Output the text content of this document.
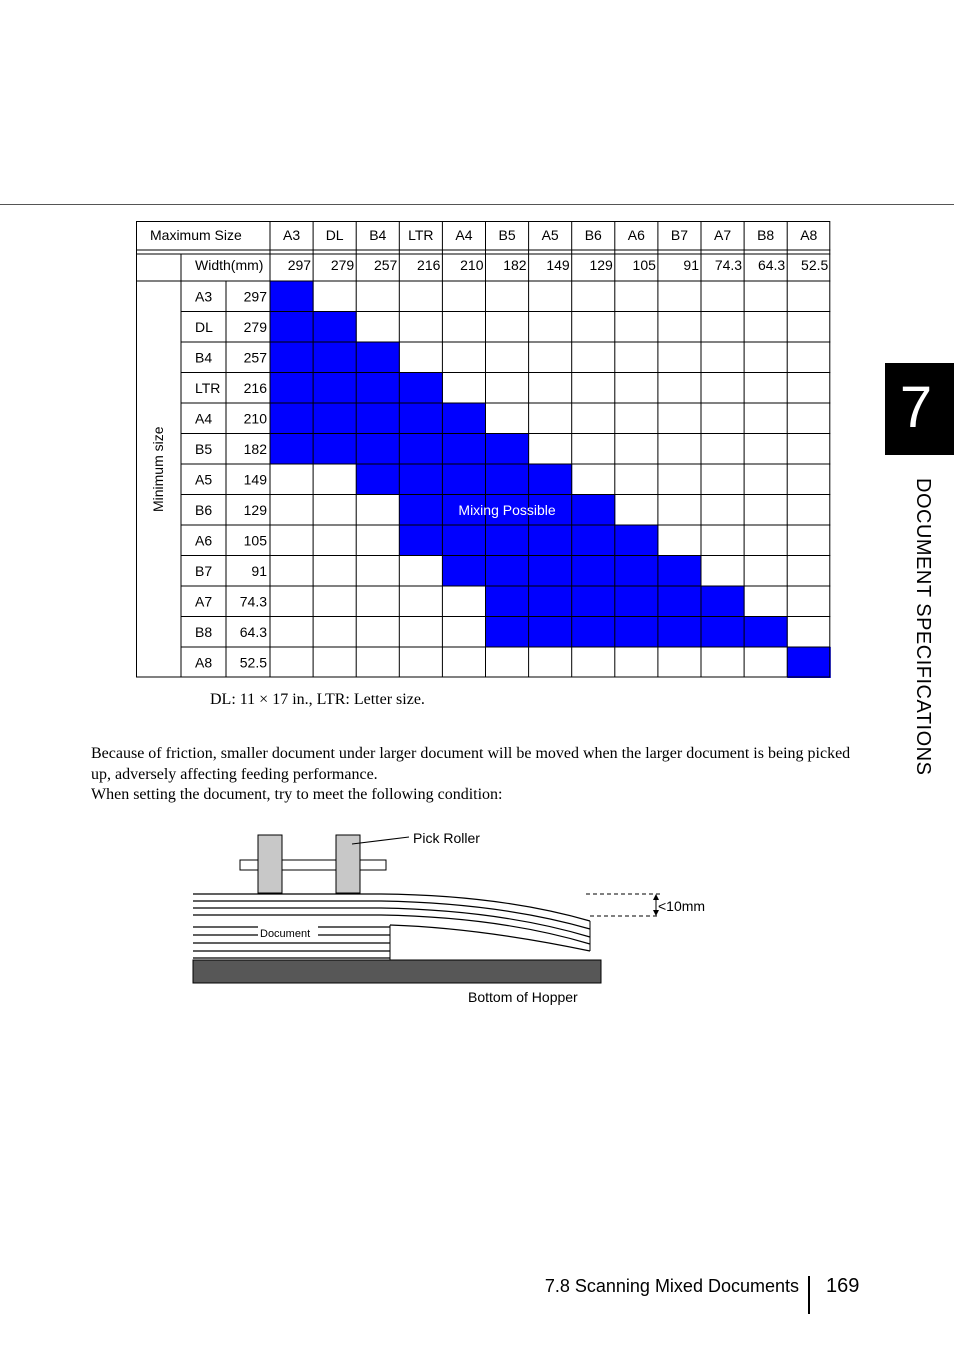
7
DOCUMENT SPECIFICATIONS
Maximum Size
Width(mm)
A3
297
DL
279
B4
257
LTR
216
A4
210
B5
182
A5
149
B6
129
A6
105
B7
91
A7
74.3
B8
64.3
A8
52.5
A3 297
DL 279
B4 257
LTR 216
A4 210
B5 182
A5 149
B6 129
A6 105
B7	91
A7 74.3
B8 64.3
A8 52.5
Minimum size	Mixing Possible
DL: 11 × 17 in., LTR: Letter size.

Because of friction, smaller document under larger document will be moved when the larger document is being picked up, adversely affecting feeding performance.

When setting the document, try to meet the following condition:

Pick Roller
Document
Bottom of Hopper
<10mm
7.8 Scanning Mixed Documents 169
